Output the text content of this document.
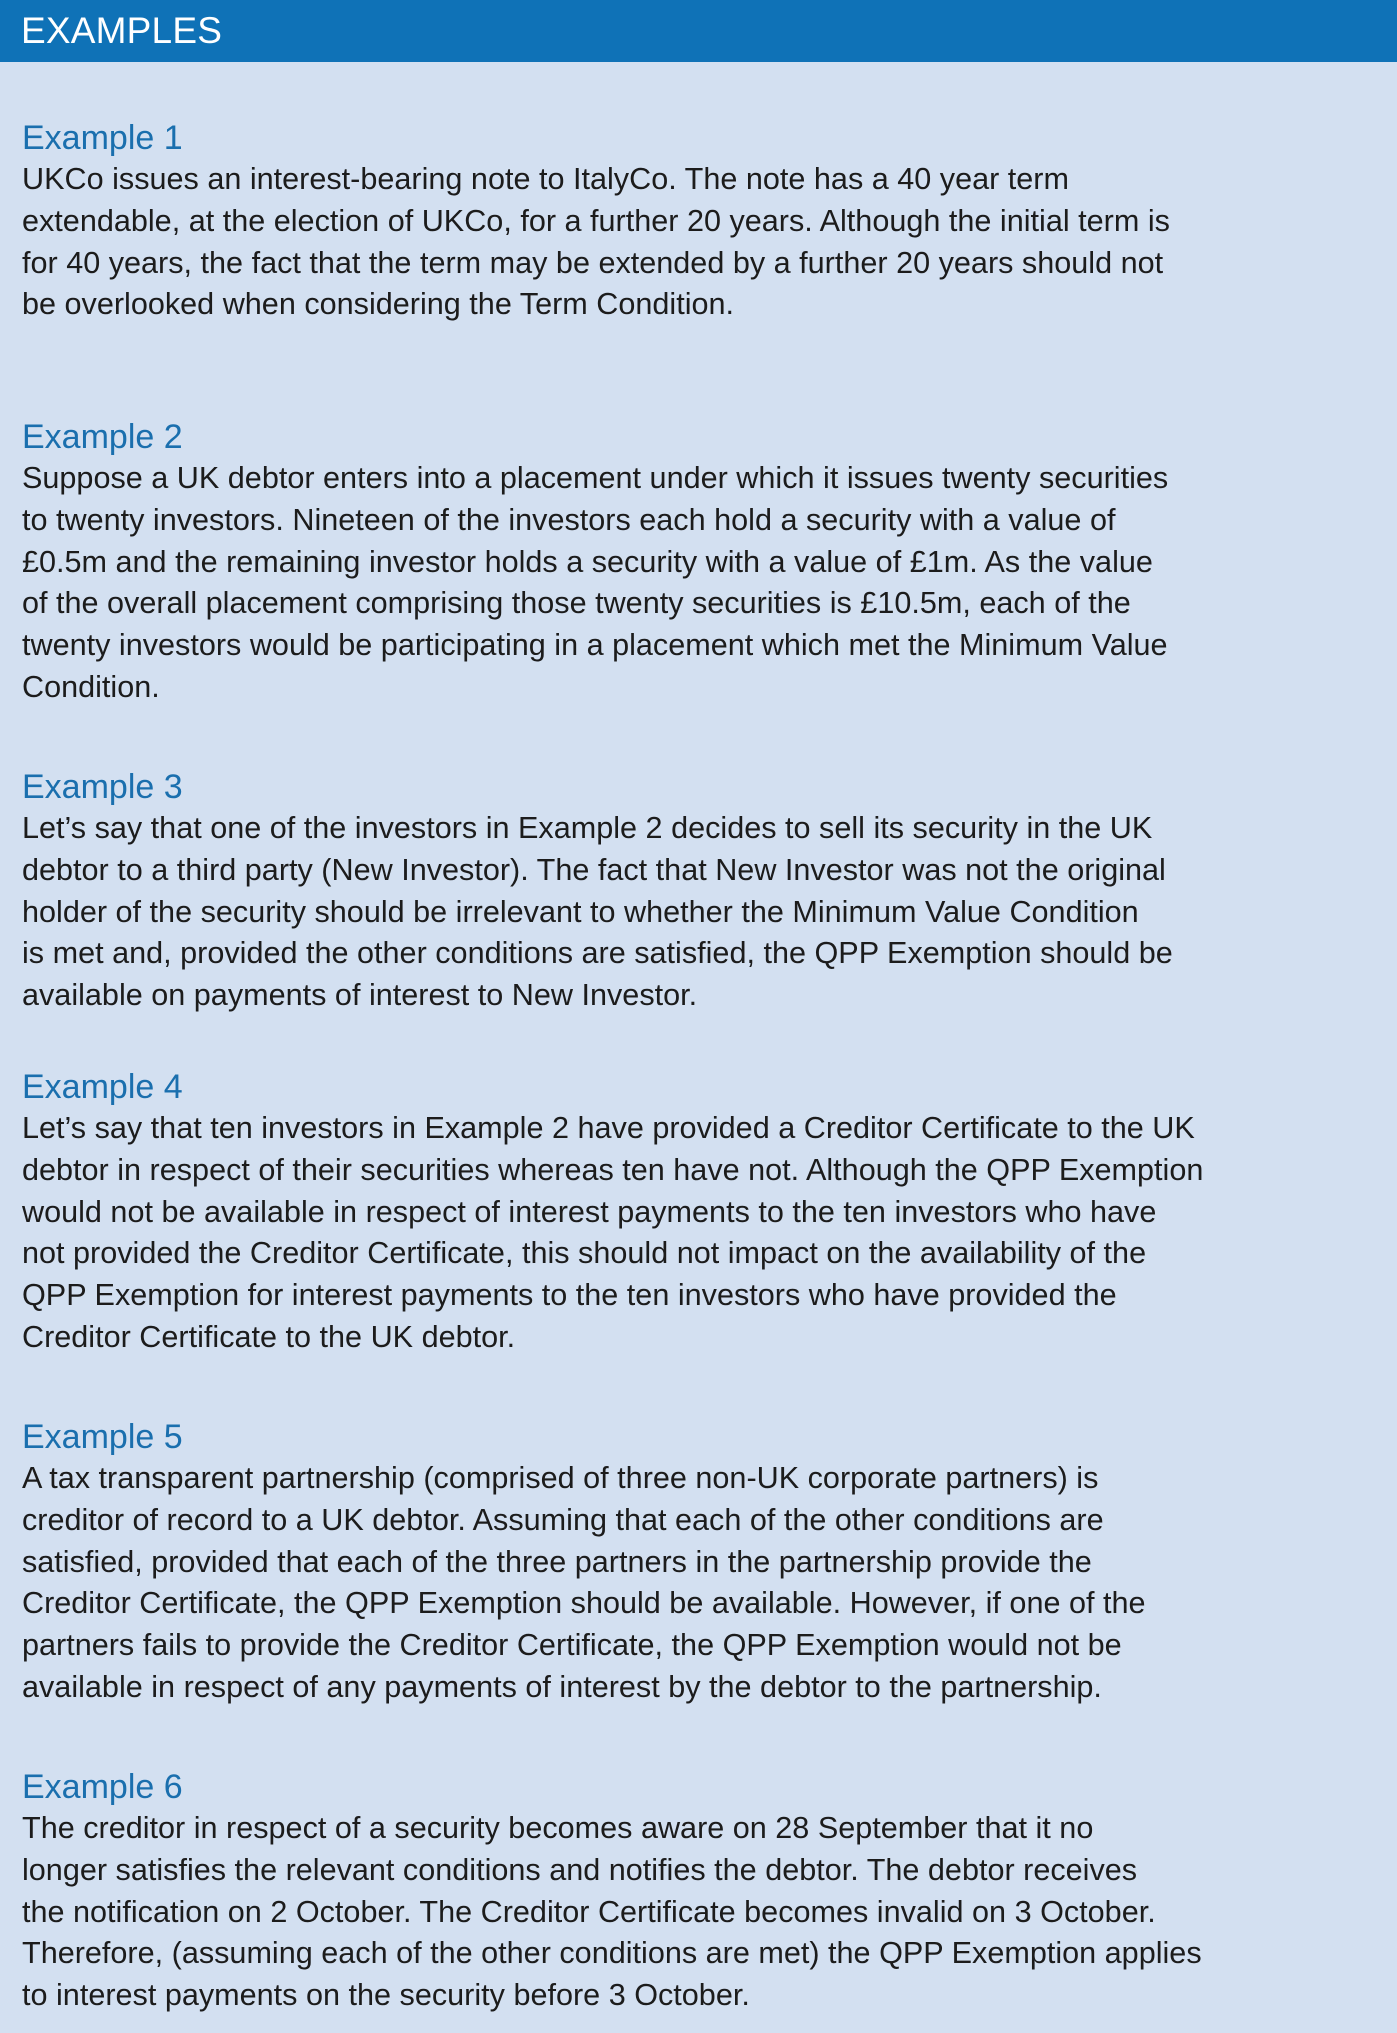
EXAMPLES

Example 1

UKCo issues an interest-bearing note to ItalyCo. The note has a 40 year term
extendable, at the election of UKCo, for a further 20 years. Although the initial term is
for 40 years, the fact that the term may be extended by a further 20 years should not
be overlooked when considering the Term Condition.

Example 2

Suppose a UK debtor enters into a placement under which it issues twenty securities
to twenty investors. Nineteen of the investors each hold a security with a value of
£0.5m and the remaining investor holds a security with a value of £1m. As the value
of the overall placement comprising those twenty securities is £10.5m, each of the
twenty investors would be participating in a placement which met the Minimum Value
Condition.

Example 3

Let’s say that one of the investors in Example 2 decides to sell its security in the UK
debtor to a third party (New Investor). The fact that New Investor was not the original
holder of the security should be irrelevant to whether the Minimum Value Condition
is met and, provided the other conditions are satisfied, the QPP Exemption should be
available on payments of interest to New Investor.

Example 4

Let’s say that ten investors in Example 2 have provided a Creditor Certificate to the UK
debtor in respect of their securities whereas ten have not. Although the QPP Exemption
would not be available in respect of interest payments to the ten investors who have
not provided the Creditor Certificate, this should not impact on the availability of the
QPP Exemption for interest payments to the ten investors who have provided the
Creditor Certificate to the UK debtor.

Example 5

A tax transparent partnership (comprised of three non-UK corporate partners) is
creditor of record to a UK debtor. Assuming that each of the other conditions are
satisfied, provided that each of the three partners in the partnership provide the
Creditor Certificate, the QPP Exemption should be available. However, if one of the
partners fails to provide the Creditor Certificate, the QPP Exemption would not be
available in respect of any payments of interest by the debtor to the partnership.

Example 6

The creditor in respect of a security becomes aware on 28 September that it no
longer satisfies the relevant conditions and notifies the debtor. The debtor receives
the notification on 2 October. The Creditor Certificate becomes invalid on 3 October.
Therefore, (assuming each of the other conditions are met) the QPP Exemption applies
to interest payments on the security before 3 October.
